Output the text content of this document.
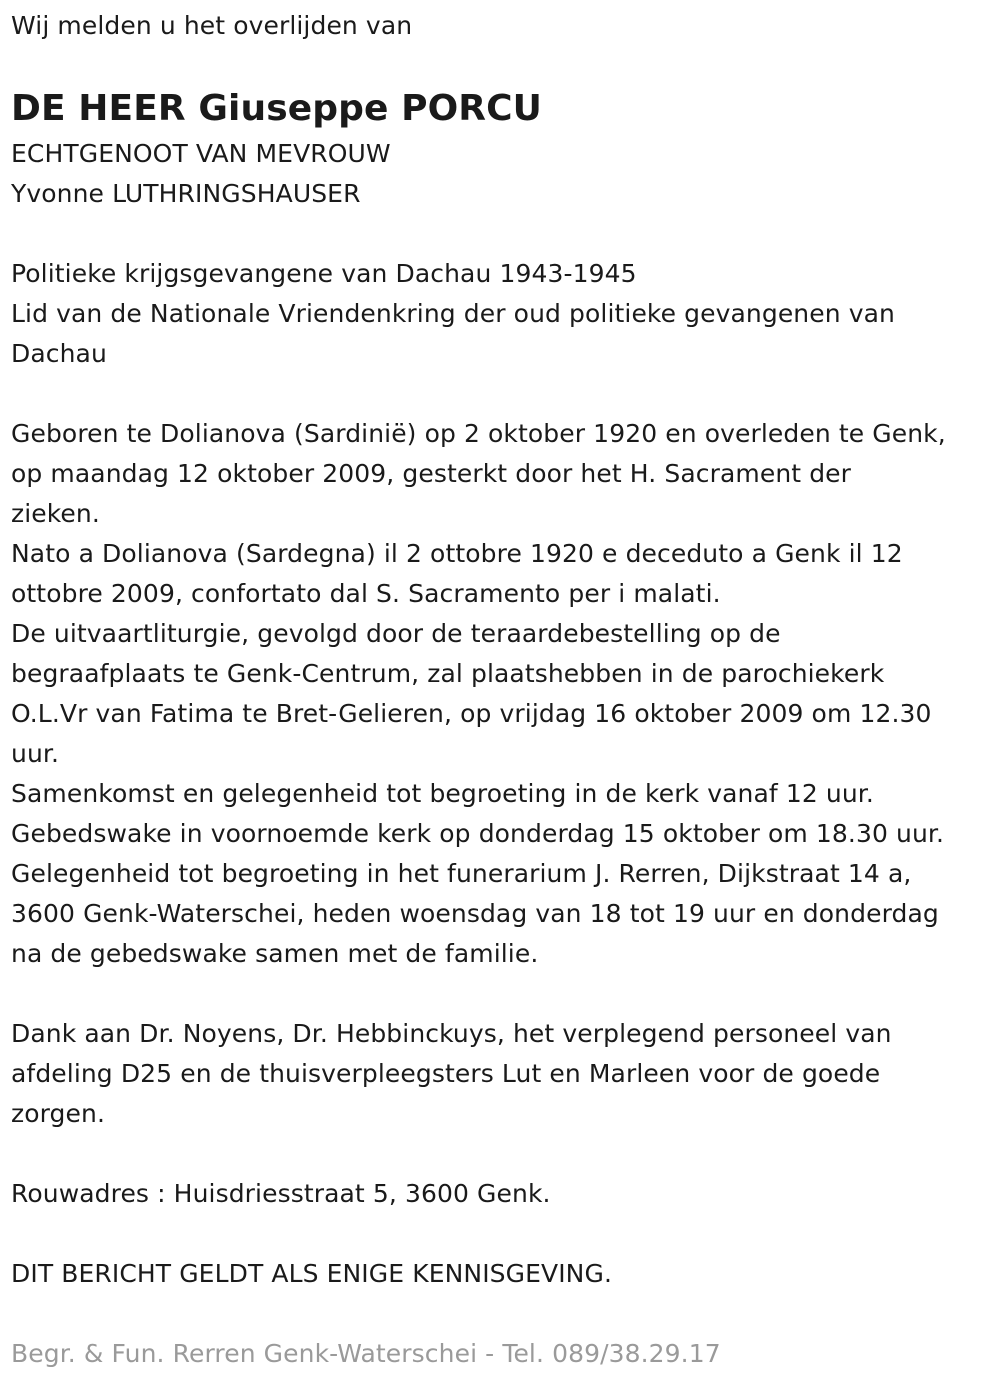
Wij melden u het overlijden van
DE HEER Giuseppe PORCU
ECHTGENOOT VAN MEVROUW
Yvonne LUTHRINGSHAUSER
Politieke krijgsgevangene van Dachau 1943-1945
Lid van de Nationale Vriendenkring der oud politieke gevangenen van
Dachau
Geboren te Dolianova (Sardinië) op 2 oktober 1920 en overleden te Genk,
op maandag 12 oktober 2009, gesterkt door het H. Sacrament der
zieken.
Nato a Dolianova (Sardegna) il 2 ottobre 1920 e deceduto a Genk il 12
ottobre 2009, confortato dal S. Sacramento per i malati.
De uitvaartliturgie, gevolgd door de teraardebestelling op de
begraafplaats te Genk-Centrum, zal plaatshebben in de parochiekerk
O.L.Vr van Fatima te Bret-Gelieren, op vrijdag 16 oktober 2009 om 12.30
uur.
Samenkomst en gelegenheid tot begroeting in de kerk vanaf 12 uur.
Gebedswake in voornoemde kerk op donderdag 15 oktober om 18.30 uur.
Gelegenheid tot begroeting in het funerarium J. Rerren, Dijkstraat 14 a,
3600 Genk-Waterschei, heden woensdag van 18 tot 19 uur en donderdag
na de gebedswake samen met de familie.
Dank aan Dr. Noyens, Dr. Hebbinckuys, het verplegend personeel van
afdeling D25 en de thuisverpleegsters Lut en Marleen voor de goede
zorgen.
Rouwadres : Huisdriesstraat 5, 3600 Genk.
DIT BERICHT GELDT ALS ENIGE KENNISGEVING.
Begr. & Fun. Rerren Genk-Waterschei - Tel. 089/38.29.17
